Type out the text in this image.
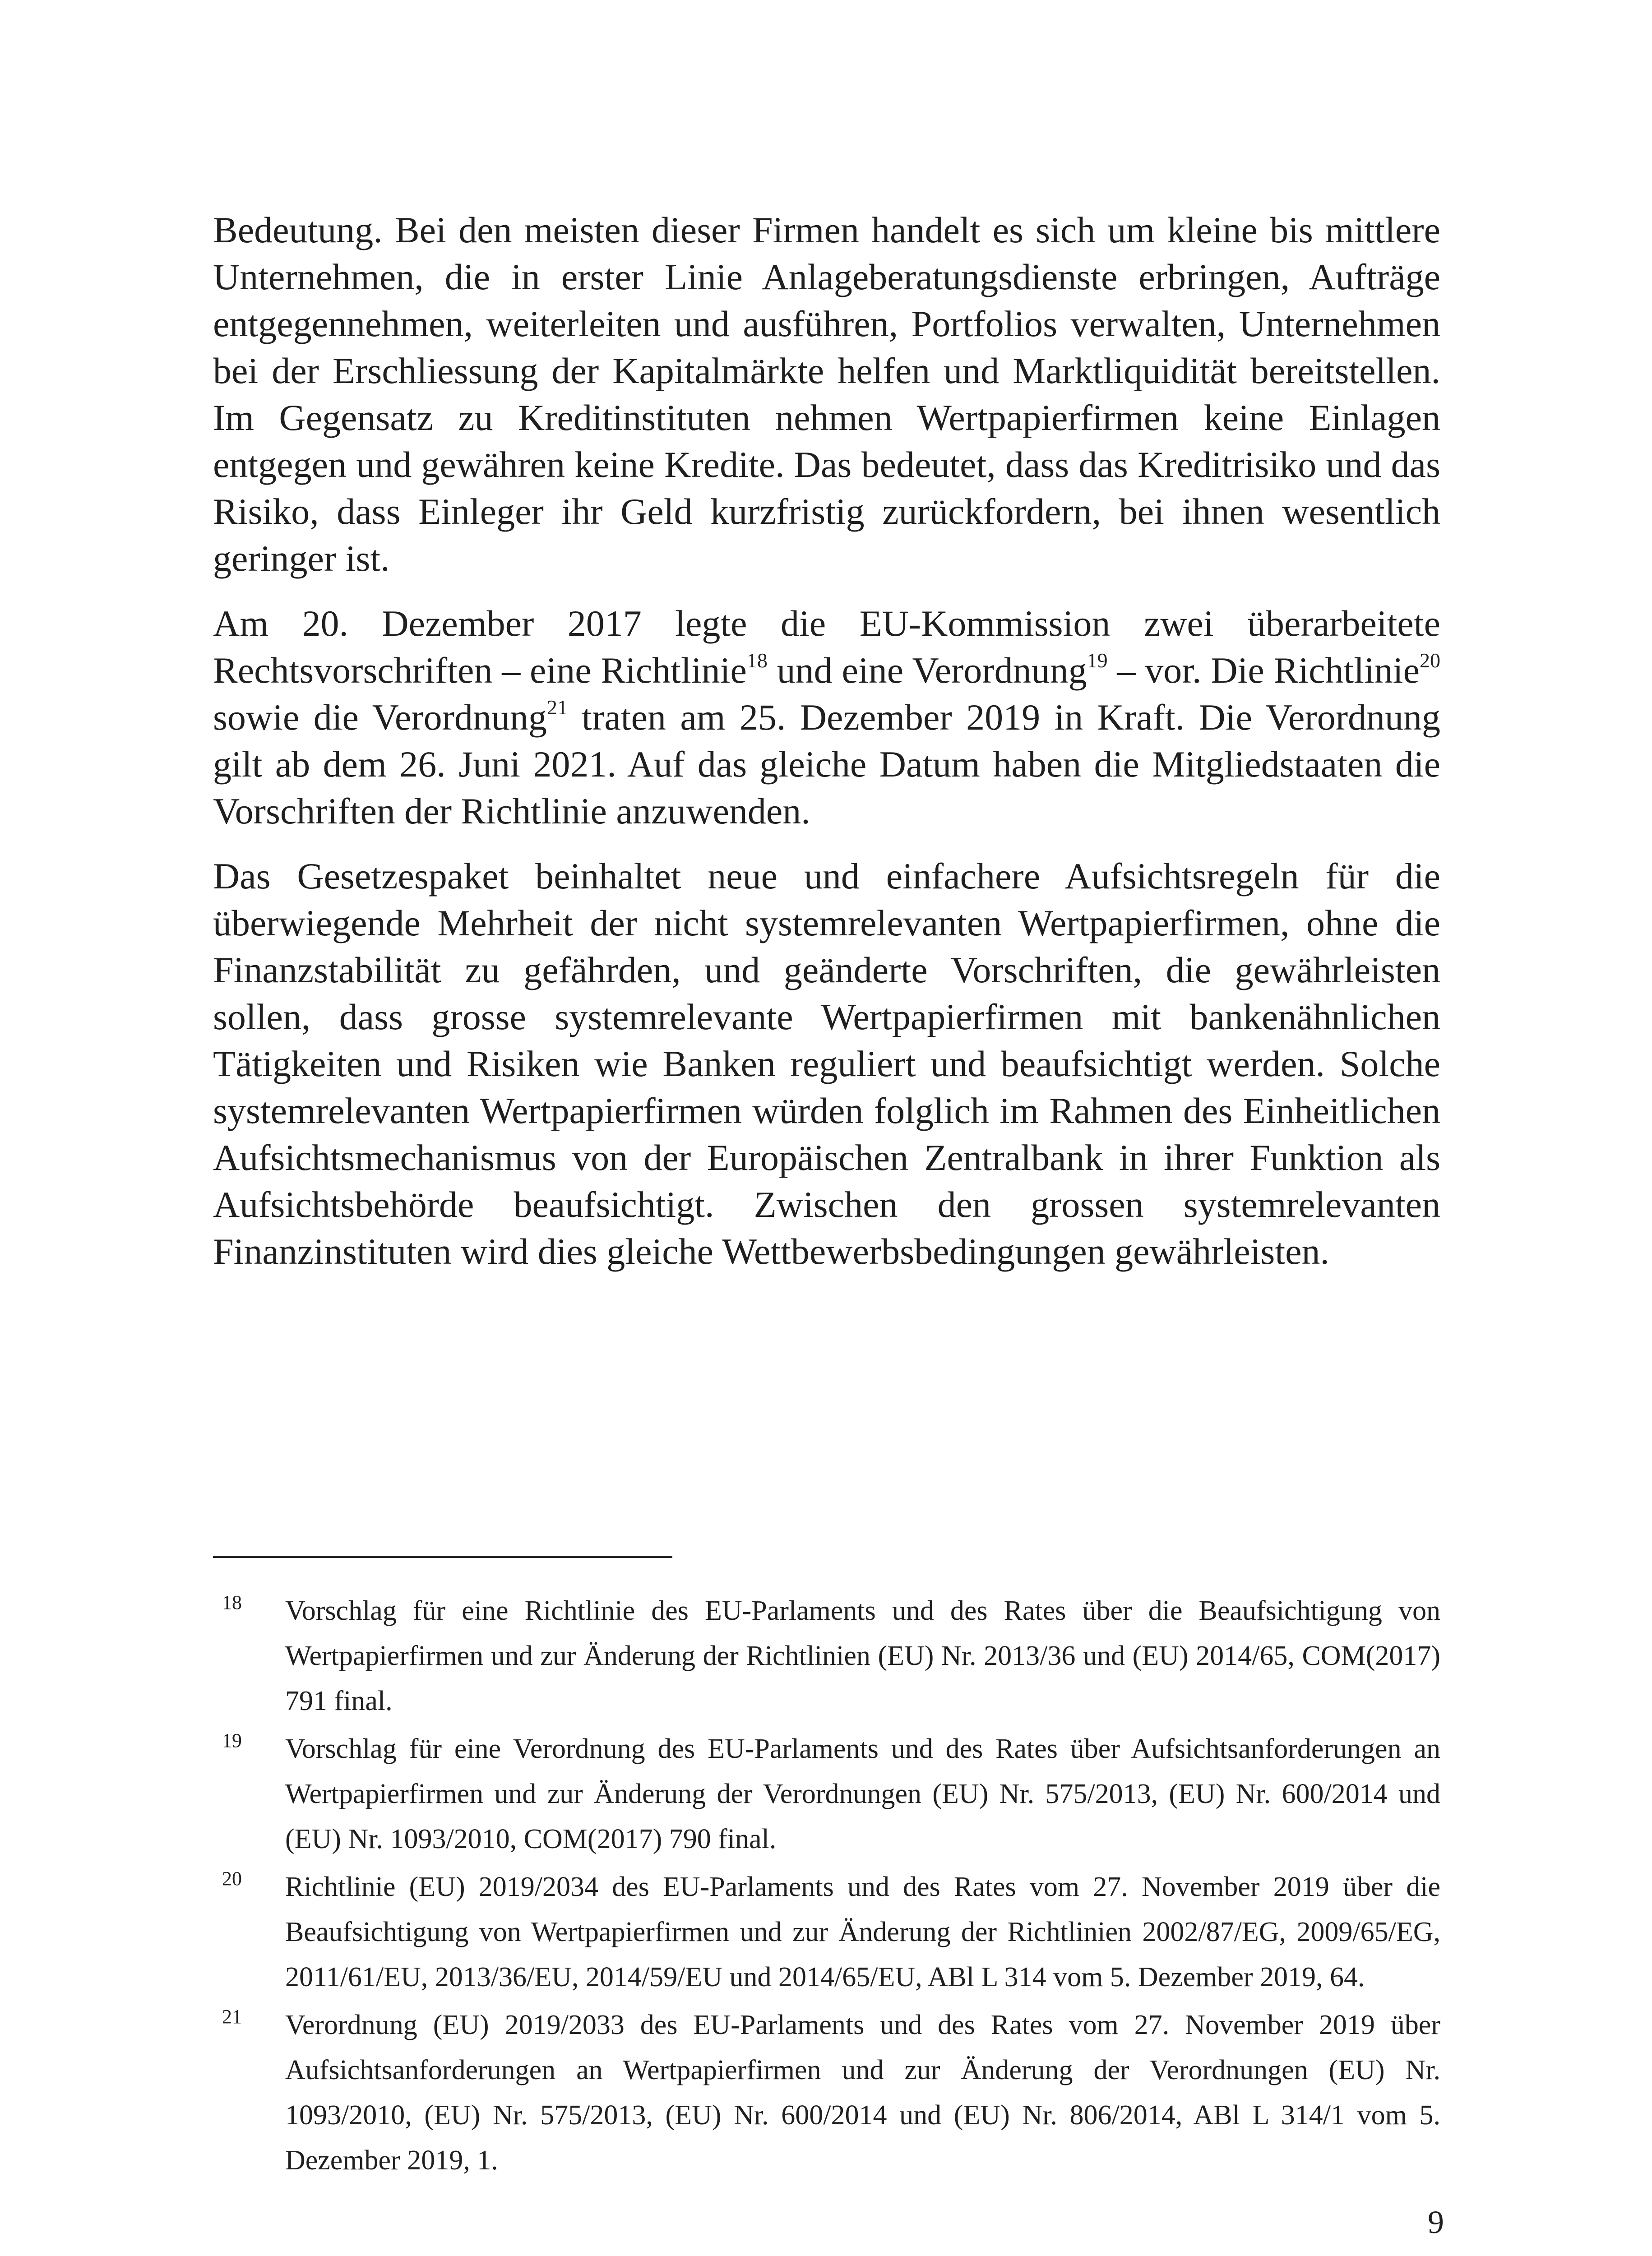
Bedeutung. Bei den meisten dieser Firmen handelt es sich um kleine bis mittlere Unternehmen, die in erster Linie Anlageberatungsdienste erbringen, Aufträge entgegennehmen, weiterleiten und ausführen, Portfolios verwalten, Unternehmen bei der Erschliessung der Kapitalmärkte helfen und Marktliquidität bereitstellen. Im Gegensatz zu Kreditinstituten nehmen Wertpapierfirmen keine Einlagen entgegen und gewähren keine Kredite. Das bedeutet, dass das Kreditrisiko und das Risiko, dass Einleger ihr Geld kurzfristig zurückfordern, bei ihnen wesentlich geringer ist.

Am 20. Dezember 2017 legte die EU-Kommission zwei überarbeitete Rechtsvorschriften – eine Richtlinie$^{18}$ und eine Verordnung$^{19}$ – vor. Die Richtlinie$^{20}$ sowie die Verordnung$^{21}$ traten am 25. Dezember 2019 in Kraft. Die Verordnung gilt ab dem 26. Juni 2021. Auf das gleiche Datum haben die Mitgliedstaaten die Vorschriften der Richtlinie anzuwenden.

Das Gesetzespaket beinhaltet neue und einfachere Aufsichtsregeln für die überwiegende Mehrheit der nicht systemrelevanten Wertpapierfirmen, ohne die Finanzstabilität zu gefährden, und geänderte Vorschriften, die gewährleisten sollen, dass grosse systemrelevante Wertpapierfirmen mit bankenähnlichen Tätigkeiten und Risiken wie Banken reguliert und beaufsichtigt werden. Solche systemrelevanten Wertpapierfirmen würden folglich im Rahmen des Einheitlichen Aufsichtsmechanismus von der Europäischen Zentralbank in ihrer Funktion als Aufsichtsbehörde beaufsichtigt. Zwischen den grossen systemrelevanten Finanzinstituten wird dies gleiche Wettbewerbsbedingungen gewährleisten.

18 Vorschlag für eine Richtlinie des EU-Parlaments und des Rates über die Beaufsichtigung von Wertpapierfirmen und zur Änderung der Richtlinien (EU) Nr. 2013/36 und (EU) 2014/65, COM(2017) 791 final.
19 Vorschlag für eine Verordnung des EU-Parlaments und des Rates über Aufsichtsanforderungen an Wertpapierfirmen und zur Änderung der Verordnungen (EU) Nr. 575/2013, (EU) Nr. 600/2014 und (EU) Nr. 1093/2010, COM(2017) 790 final.
20 Richtlinie (EU) 2019/2034 des EU-Parlaments und des Rates vom 27. November 2019 über die Beaufsichtigung von Wertpapierfirmen und zur Änderung der Richtlinien 2002/87/EG, 2009/65/EG, 2011/61/EU, 2013/36/EU, 2014/59/EU und 2014/65/EU, ABl L 314 vom 5. Dezember 2019, 64.
21 Verordnung (EU) 2019/2033 des EU-Parlaments und des Rates vom 27. November 2019 über Aufsichtsanforderungen an Wertpapierfirmen und zur Änderung der Verordnungen (EU) Nr. 1093/2010, (EU) Nr. 575/2013, (EU) Nr. 600/2014 und (EU) Nr. 806/2014, ABl L 314/1 vom 5. Dezember 2019, 1.
9
